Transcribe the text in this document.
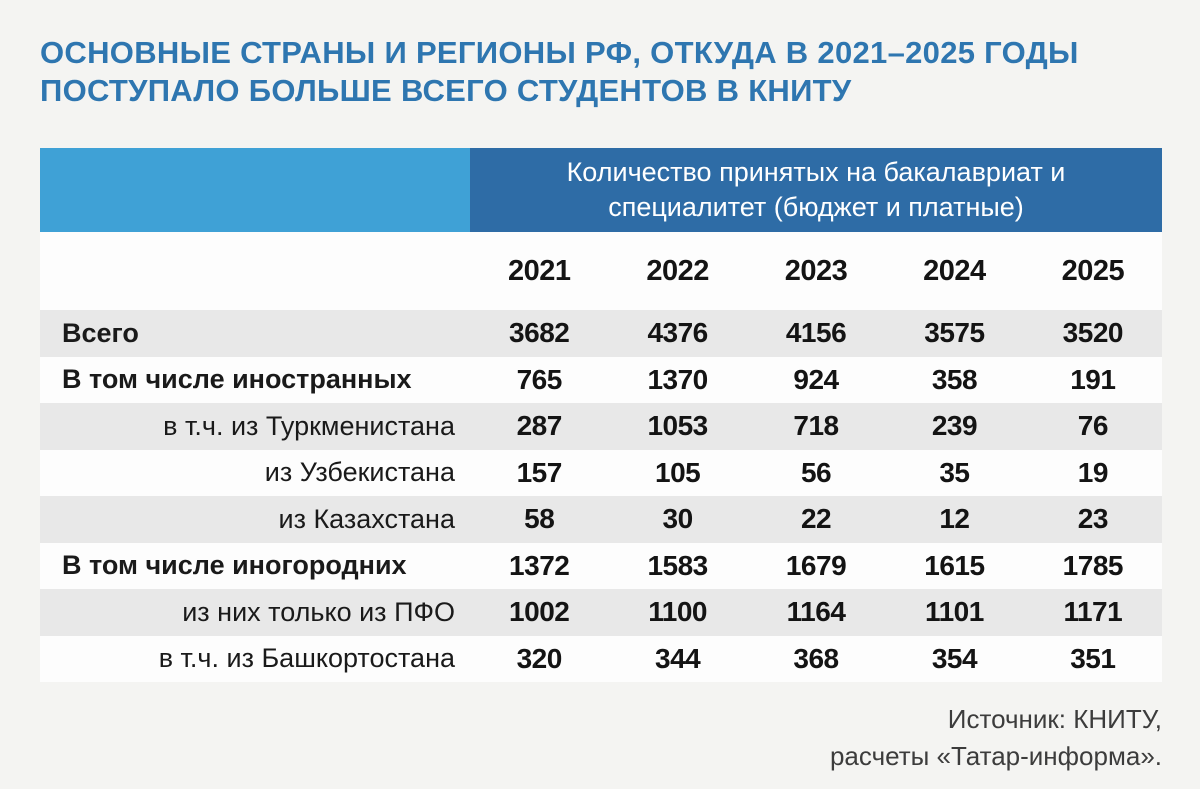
ОСНОВНЫЕ СТРАНЫ И РЕГИОНЫ РФ, ОТКУДА В 2021–2025 ГОДЫ
ПОСТУПАЛО БОЛЬШЕ ВСЕГО СТУДЕНТОВ В КНИТУ
Количество принятых на бакалавриат и
специалитет (бюджет и платные)
2021	2022	2023	2024	2025
Всего	3682	4376	4156	3575	3520
В том числе иностранных	765	1370	924	358	191
в т.ч. из Туркменистана	287	1053	718	239	76
из Узбекистана	157	105	56	35	19
из Казахстана	58	30	22	12	23
В том числе иногородних	1372	1583	1679	1615	1785
из них только из ПФО	1002	1100	1164	1101	1171
в т.ч. из Башкортостана	320	344	368	354	351
Источник: КНИТУ,
расчеты «Татар-информа».
